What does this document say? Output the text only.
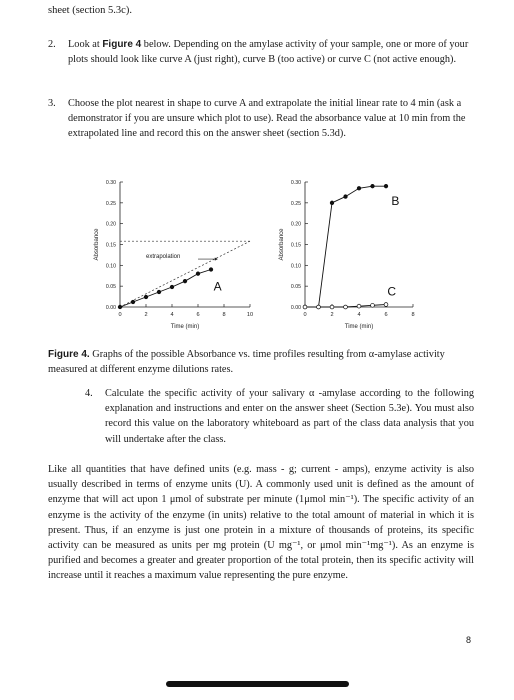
sheet (section 5.3c).
2. Look at Figure 4 below. Depending on the amylase activity of your sample, one or more of your plots should look like curve A (just right), curve B (too active) or curve C (not active enough).
3. Choose the plot nearest in shape to curve A and extrapolate the initial linear rate to 4 min (ask a demonstrator if you are unsure which plot to use). Read the absorbance value at 10 min from the extrapolated line and record this on the answer sheet (section 5.3d).
0.00
0.05
0.10
0.15
0.20
0.25
0.30
0	2	4	6	8	10
Time (min)
Absorbance	extrapolation
A
0.00
0.05
0.10
0.15
0.20
0.25
0.30
0	2	4	6	8
Time (min)
Absorbance
B
C
Figure 4. Graphs of the possible Absorbance vs. time profiles resulting from α-amylase activity measured at different enzyme dilutions rates.
4. Calculate the specific activity of your salivary α -amylase according to the following explanation and instructions and enter on the answer sheet (Section 5.3e). You must also record this value on the laboratory whiteboard as part of the class data analysis that you will undertake after the class.
Like all quantities that have defined units (e.g. mass - g; current - amps), enzyme activity is also usually described in terms of enzyme units (U). A commonly used unit is defined as the amount of enzyme that will act upon 1 μmol of substrate per minute (1μmol min⁻¹). The specific activity of an enzyme is the activity of the enzyme (in units) relative to the total amount of material in which it is present. Thus, if an enzyme is just one protein in a mixture of thousands of proteins, its specific activity can be measured as units per mg protein (U mg⁻¹, or μmol min⁻¹mg⁻¹). As an enzyme is purified and becomes a greater and greater proportion of the total protein, then its specific activity will increase until it reaches a maximum value representing the pure enzyme.
8
